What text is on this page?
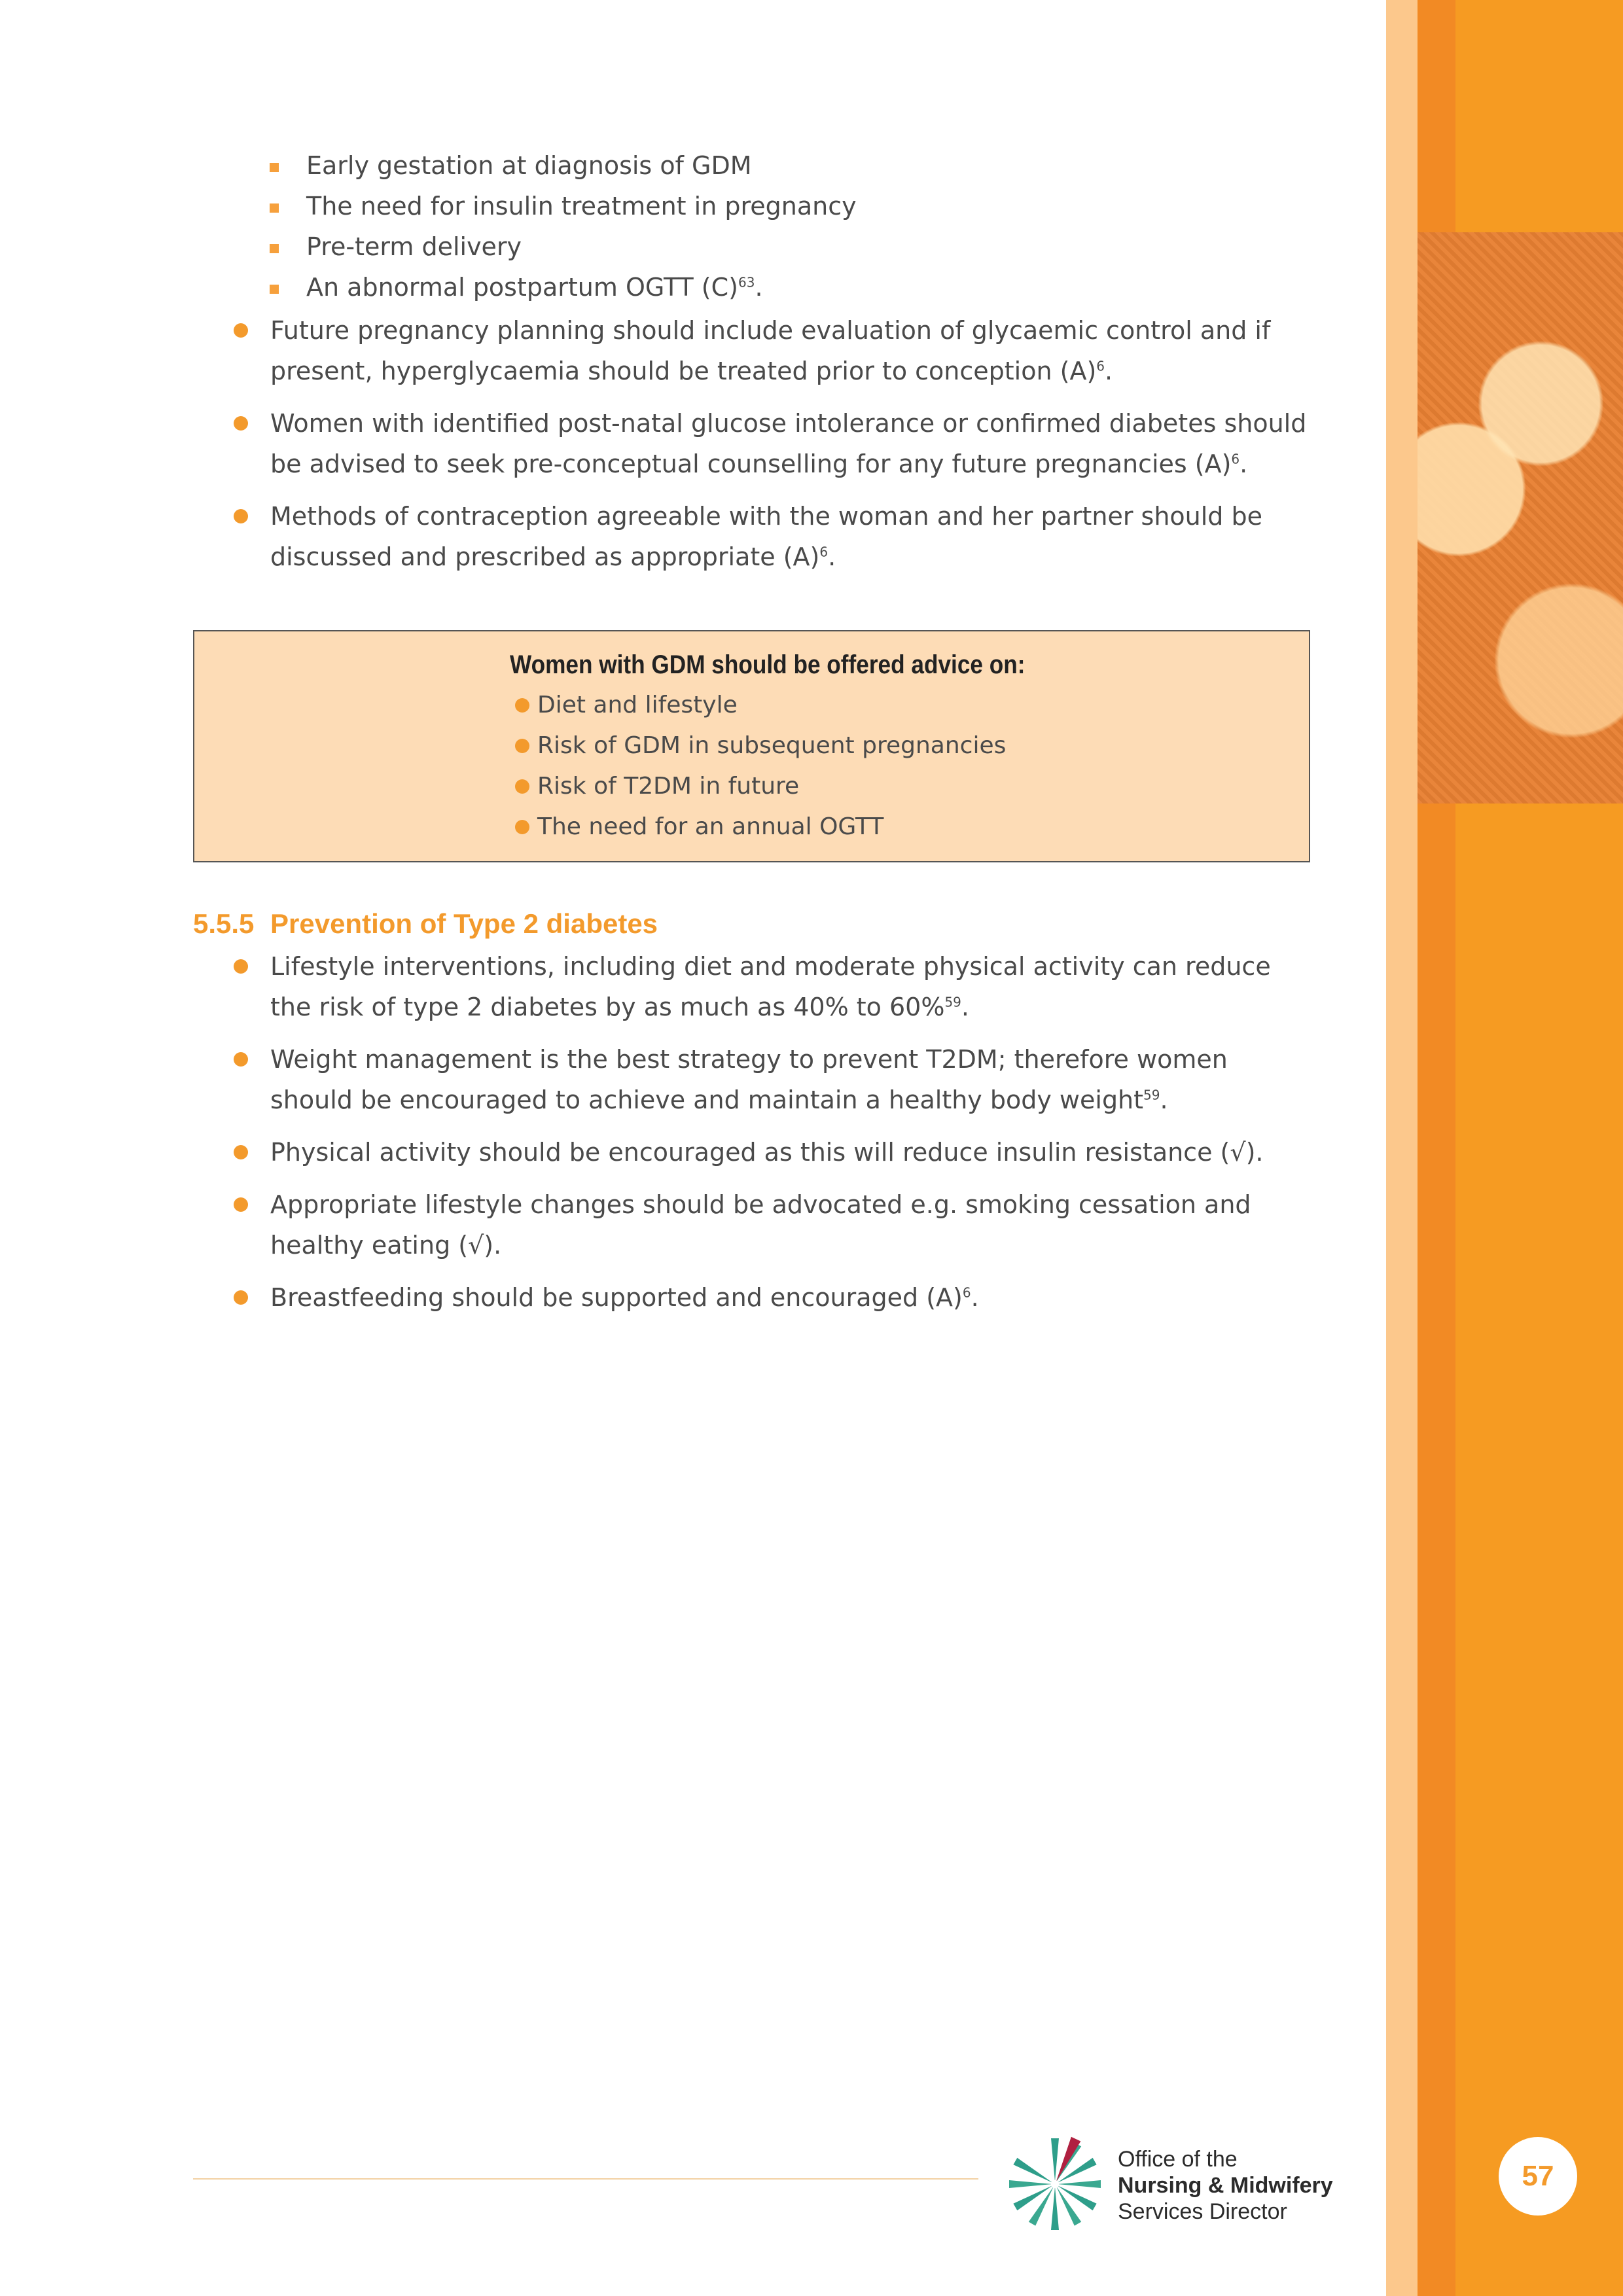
Early gestation at diagnosis of GDM
The need for insulin treatment in pregnancy
Pre-term delivery
An abnormal postpartum OGTT $(C)^{63}$.
Future pregnancy planning should include evaluation of glycaemic control and if present, hyperglycaemia should be treated prior to conception $(A)^6$.
Women with identified post-natal glucose intolerance or confirmed diabetes should be advised to seek pre-conceptual counselling for any future pregnancies $(A)^6$.
Methods of contraception agreeable with the woman and her partner should be discussed and prescribed as appropriate $(A)^6$.
Women with GDM should be offered advice on:
Diet and lifestyle
Risk of GDM in subsequent pregnancies
Risk of T2DM in future
The need for an annual OGTT
5.5.5 Prevention of Type 2 diabetes
Lifestyle interventions, including diet and moderate physical activity can reduce the risk of type 2 diabetes by as much as 40% to 60%$^{59}$.
Weight management is the best strategy to prevent T2DM; therefore women should be encouraged to achieve and maintain a healthy body weight$^{59}$.
Physical activity should be encouraged as this will reduce insulin resistance (√).
Appropriate lifestyle changes should be advocated e.g. smoking cessation and healthy eating (√).
Breastfeeding should be supported and encouraged $(A)^6$.
Office of the
Nursing & Midwifery
Services Director
57
